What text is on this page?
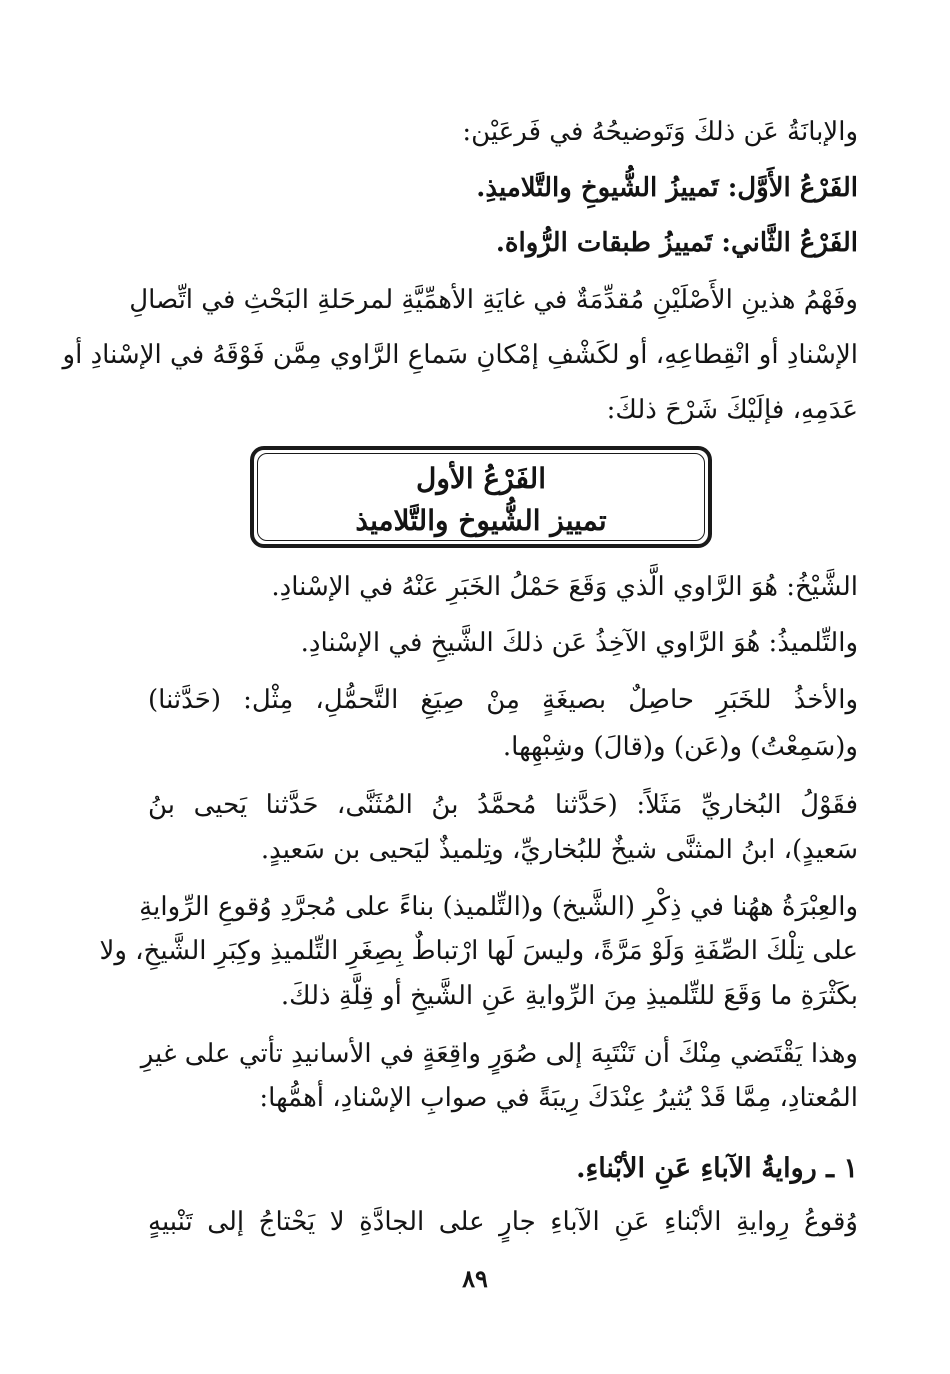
والإبانَةُ عَن ذلكَ وَتَوضيحُهُ في فَرعَيْن:
الفَرْعُ الأَوَّل: تَمييزُ الشُّيوخِ والتَّلاميذِ.
الفَرْعُ الثَّاني: تَمييزُ طبقات الرُّواة.
وفَهْمُ هذينِ الأَصْلَيْنِ مُقدِّمَةٌ في غايَةِ الأهمِّيَّةِ لمرحَلةِ البَحْثِ في اتِّصالِ
الإسْنادِ أو انْقِطاعِهِ، أو لكَشْفِ إمْكانِ سَماعِ الرَّاوي مِمَّن فَوْقَهُ في الإسْنادِ أو
عَدَمِهِ، فإلَيْكَ شَرْحَ ذلكَ:
الفَرْعُ الأول
تمييز الشُّيوخ والتَّلاميذ
الشَّيْخُ: هُوَ الرَّاوي الَّذي وَقَعَ حَمْلُ الخَبَرِ عَنْهُ في الإسْنادِ.
والتِّلميذُ: هُوَ الرَّاوي الآخِذُ عَن ذلكَ الشَّيخِ في الإسْنادِ.
والأخذُ للخَبَرِ حاصِلٌ بصيغَةٍ مِنْ صِيَغِ التَّحمُّلِ، مِثْل: (حَدَّثنا)
و(سَمِعْتُ) و(عَن) و(قالَ) وشِبْهِها.
فقَوْلُ البُخاريِّ مَثَلاً: (حَدَّثنا مُحمَّدُ بنُ المُثَنَّى، حَدَّثنا يَحيى بنُ
سَعيدٍ)، ابنُ المثنَّى شيخٌ للبُخاريِّ، وتِلميذٌ ليَحيى بن سَعيدٍ.
والعِبْرَةُ ههُنا في ذِكْرِ (الشَّيخ) و(التِّلميذ) بناءً على مُجرَّدِ وُقوعِ الرِّوايةِ
على تِلْكَ الصِّفَةِ وَلَوْ مَرَّةً، وليسَ لَها ارْتباطٌ بِصِغَرِ التِّلميذِ وكِبَرِ الشَّيخِ، ولا
بكَثْرَةِ ما وَقَعَ للتِّلميذِ مِنَ الرِّوايةِ عَنِ الشَّيخِ أو قِلَّةِ ذلكَ.
وهذا يَقْتَضي مِنْكَ أن تَنْتَبِهَ إلى صُوَرٍ واقِعَةٍ في الأسانيدِ تأتي على غيرِ
المُعتادِ، مِمَّا قَدْ يُثيرُ عِنْدَكَ رِيبَةً في صوابِ الإسْنادِ، أهمُّها:
١ ـ روايةُ الآباءِ عَنِ الأبْناءِ.
وُقوعُ رِوايةِ الأبْناءِ عَنِ الآباءِ جارٍ على الجادَّةِ لا يَحْتاجُ إلى تَنْبيهٍ
٨٩
